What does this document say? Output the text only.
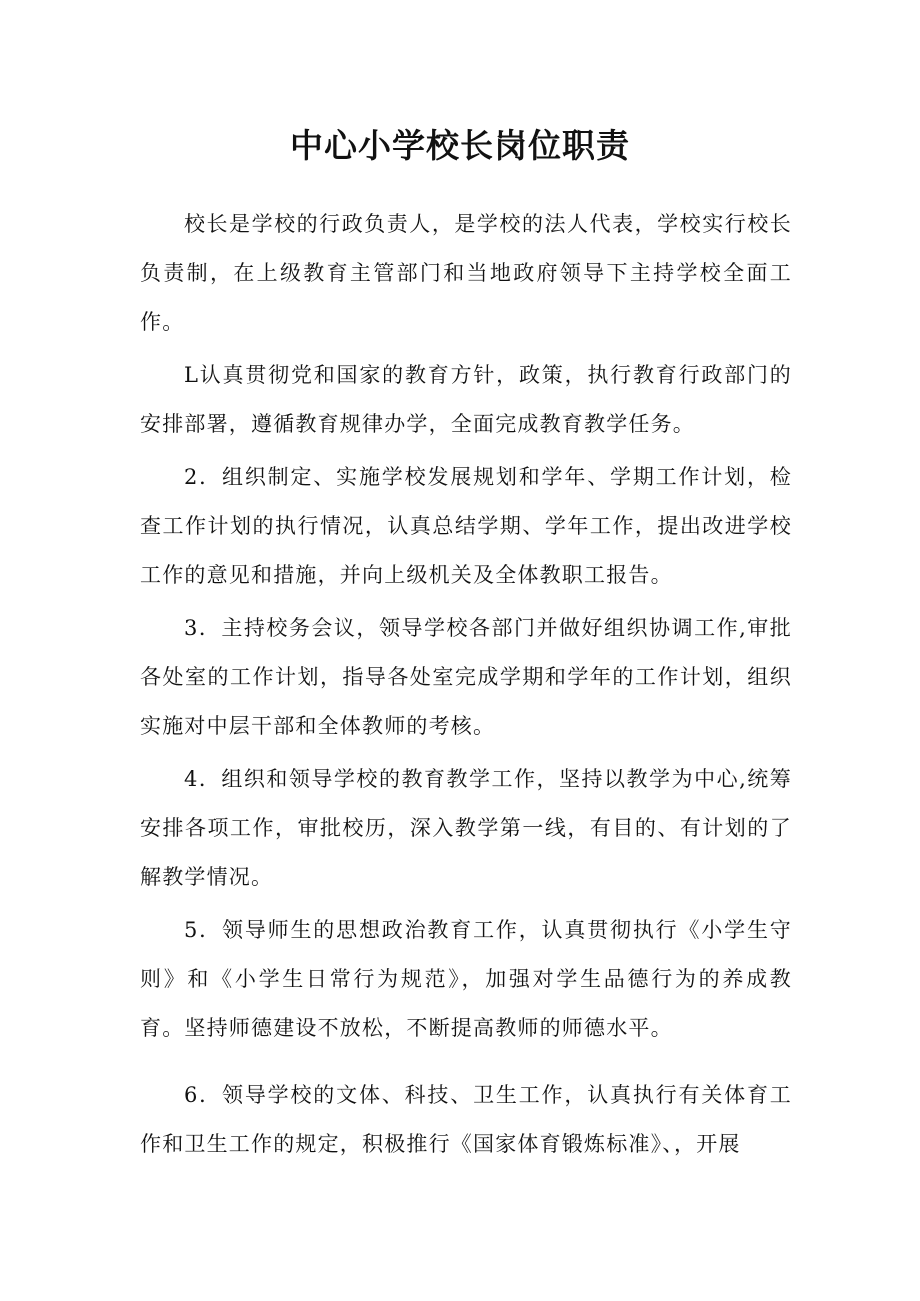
中心小学校长岗位职责

校长是学校的行政负责人，是学校的法人代表，学校实行校长负责制，在上级教育主管部门和当地政府领导下主持学校全面工作。

L认真贯彻党和国家的教育方针，政策，执行教育行政部门的安排部署，遵循教育规律办学，全面完成教育教学任务。

2．组织制定、实施学校发展规划和学年、学期工作计划，检查工作计划的执行情况，认真总结学期、学年工作，提出改进学校工作的意见和措施，并向上级机关及全体教职工报告。

3．主持校务会议，领导学校各部门并做好组织协调工作,审批各处室的工作计划，指导各处室完成学期和学年的工作计划，组织实施对中层干部和全体教师的考核。

4．组织和领导学校的教育教学工作，坚持以教学为中心,统筹安排各项工作，审批校历，深入教学第一线，有目的、有计划的了解教学情况。

5．领导师生的思想政治教育工作，认真贯彻执行《小学生守则》和《小学生日常行为规范》，加强对学生品德行为的养成教育。坚持师德建设不放松，不断提高教师的师德水平。

6．领导学校的文体、科技、卫生工作，认真执行有关体育工作和卫生工作的规定，积极推行《国家体育锻炼标准》、，开展
